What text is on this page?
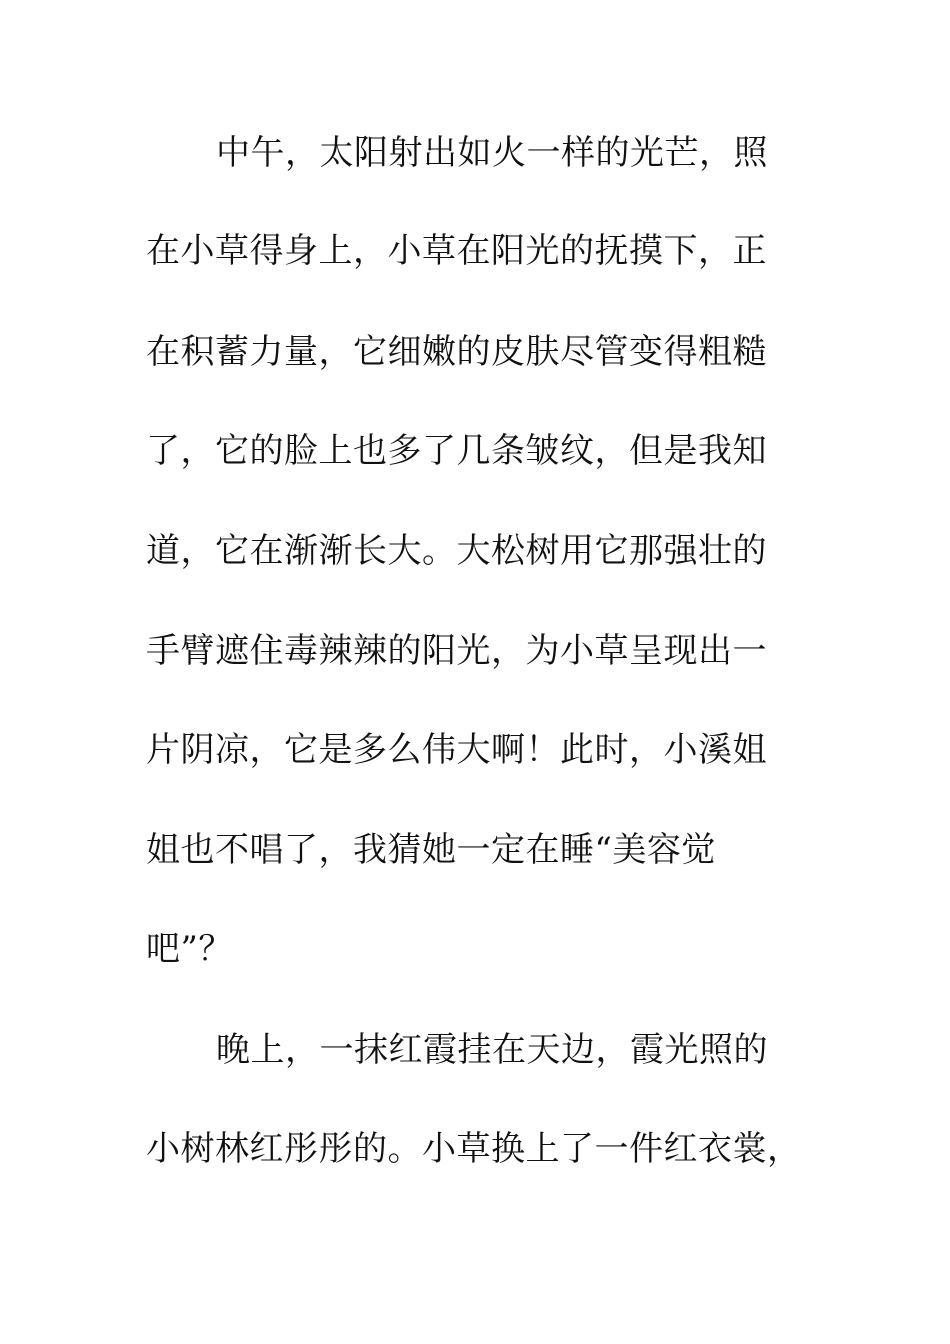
中午，太阳射出如火一样的光芒，照
在小草得身上，小草在阳光的抚摸下，正
在积蓄力量，它细嫩的皮肤尽管变得粗糙
了，它的脸上也多了几条皱纹，但是我知
道，它在渐渐长大。大松树用它那强壮的
手臂遮住毒辣辣的阳光，为小草呈现出一
片阴凉，它是多么伟大啊！此时，小溪姐
姐也不唱了，我猜她一定在睡“美容觉
吧”？
晚上，一抹红霞挂在天边，霞光照的
小树林红彤彤的。小草换上了一件红衣裳，
